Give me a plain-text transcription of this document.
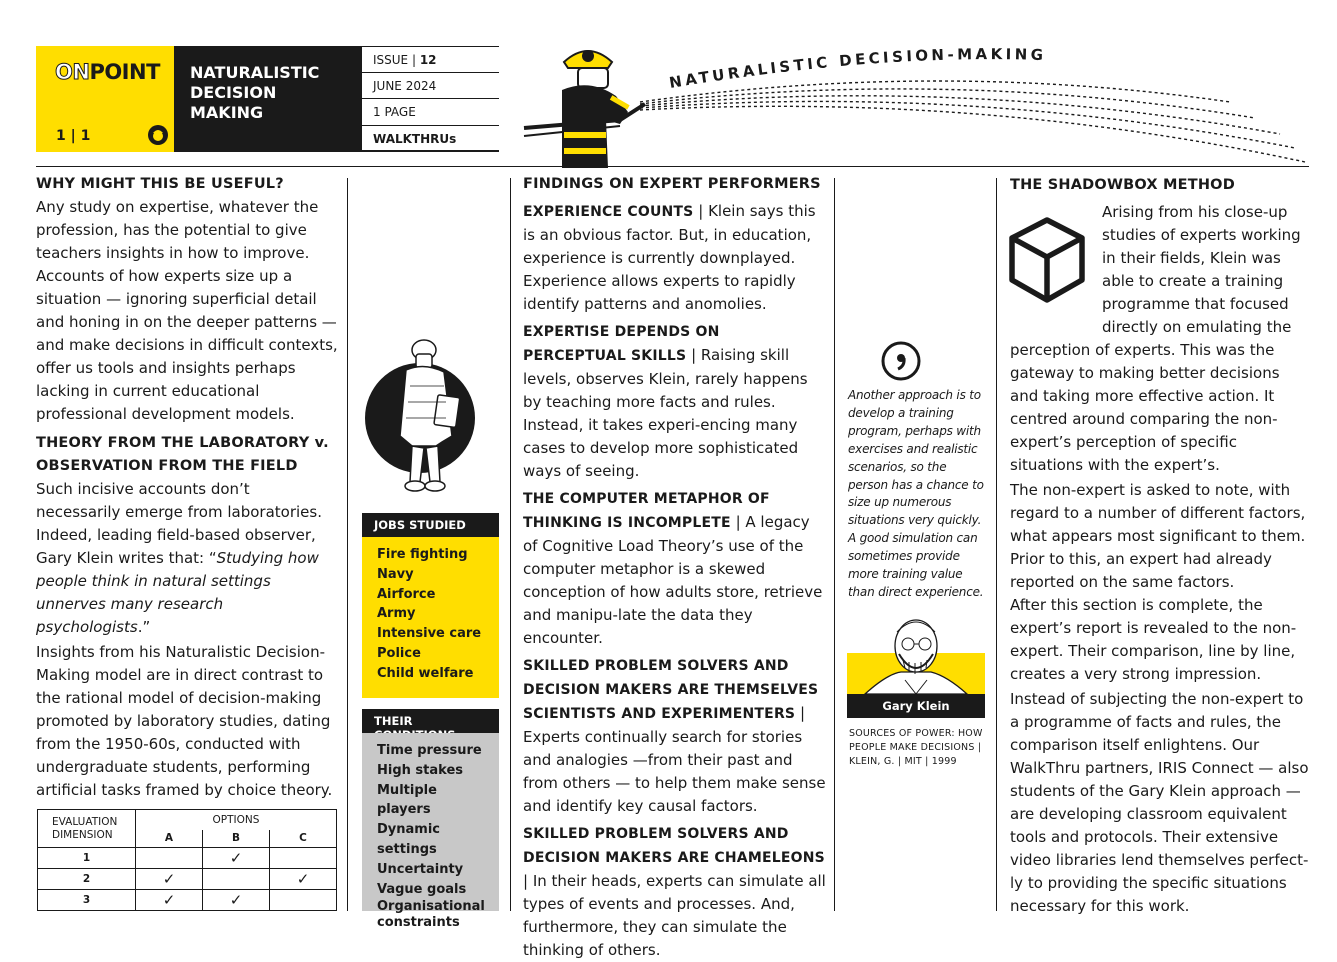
ONPOINT
1 | 1
NATURALISTIC
DECISION
MAKING
ISSUE | 12
JUNE 2024
1 PAGE
WALKTHRUs
NATURALISTIC DECISION-MAKING
WHY MIGHT THIS BE USEFUL?
Any study on expertise, whatever the profession, has the potential to give teachers insights in how to improve. Accounts of how experts size up a situation — ignoring superficial detail and honing in on the deeper patterns — and make decisions in difficult contexts, offer us tools and insights perhaps lacking in current educational professional development models.
THEORY FROM THE LABORATORY v. OBSERVATION FROM THE FIELD
Such incisive accounts don’t necessarily emerge from laboratories. Indeed, leading field-based observer, Gary Klein writes that: “Studying how people think in natural settings unnerves many research psychologists.”
Insights from his Naturalistic Decision-Making model are in direct contrast to the rational model of decision-making promoted by laboratory studies, dating from the 1950-60s, conducted with undergraduate students, performing artificial tasks framed by choice theory.
EVALUATION
DIMENSION	OPTIONS		
	A	B	C
1		✓	
2	✓		✓
3	✓	✓	
JOBS STUDIED
Fire fighting
Navy
Airforce
Army
Intensive care
Police
Child welfare
THEIR
Time pressure
High stakes
Multiple players
Dynamic settings
Uncertainty
Vague goals
Organisational constraints
FINDINGS ON EXPERT PERFORMERS
EXPERIENCE COUNTS | Klein says this is an obvious factor. But, in education, experience is currently downplayed. Experience allows experts to rapidly identify patterns and anomolies.
EXPERTISE DEPENDS ON PERCEPTUAL SKILLS | Raising skill levels, observes Klein, rarely happens by teaching more facts and rules. Instead, it takes experi-encing many cases to develop more sophisticated ways of seeing.
THE COMPUTER METAPHOR OF THINKING IS INCOMPLETE | A legacy of Cognitive Load Theory’s use of the computer metaphor is a skewed conception of how adults store, retrieve and manipu-late the data they encounter.
SKILLED PROBLEM SOLVERS AND DECISION MAKERS ARE THEMSELVES SCIENTISTS AND EXPERIMENTERS | Experts continually search for stories and analogies —from their past and from others — to help them make sense and identify key causal factors.
SKILLED PROBLEM SOLVERS AND DECISION MAKERS ARE CHAMELEONS | In their heads, experts can simulate all types of events and processes. And, furthermore, they can simulate the thinking of others.
Another approach is to develop a training program, perhaps with exercises and realistic scenarios, so the person has a chance to size up numerous situations very quickly. A good simulation can sometimes provide more training value than direct experience.
Gary Klein
SOURCES OF POWER: HOW PEOPLE MAKE DECISIONS | KLEIN, G. | MIT | 1999
THE SHADOWBOX METHOD
Arising from his close-up studies of experts working in their fields, Klein was able to create a training programme that focused directly on emulating the perception of experts. This was the gateway to making better decisions and taking more effective action. It centred around comparing the non-expert’s perception of specific situations with the expert’s.
The non-expert is asked to note, with regard to a number of different factors, what appears most significant to them. Prior to this, an expert had already reported on the same factors.
After this section is complete, the expert’s report is revealed to the non-expert. Their comparison, line by line, creates a very strong impression.
Instead of subjecting the non-expert to a programme of facts and rules, the comparison itself enlightens. Our WalkThru partners, IRIS Connect — also students of the Gary Klein approach — are developing classroom equivalent tools and protocols. Their extensive video libraries lend themselves perfect-ly to providing the specific situations necessary for this work.
